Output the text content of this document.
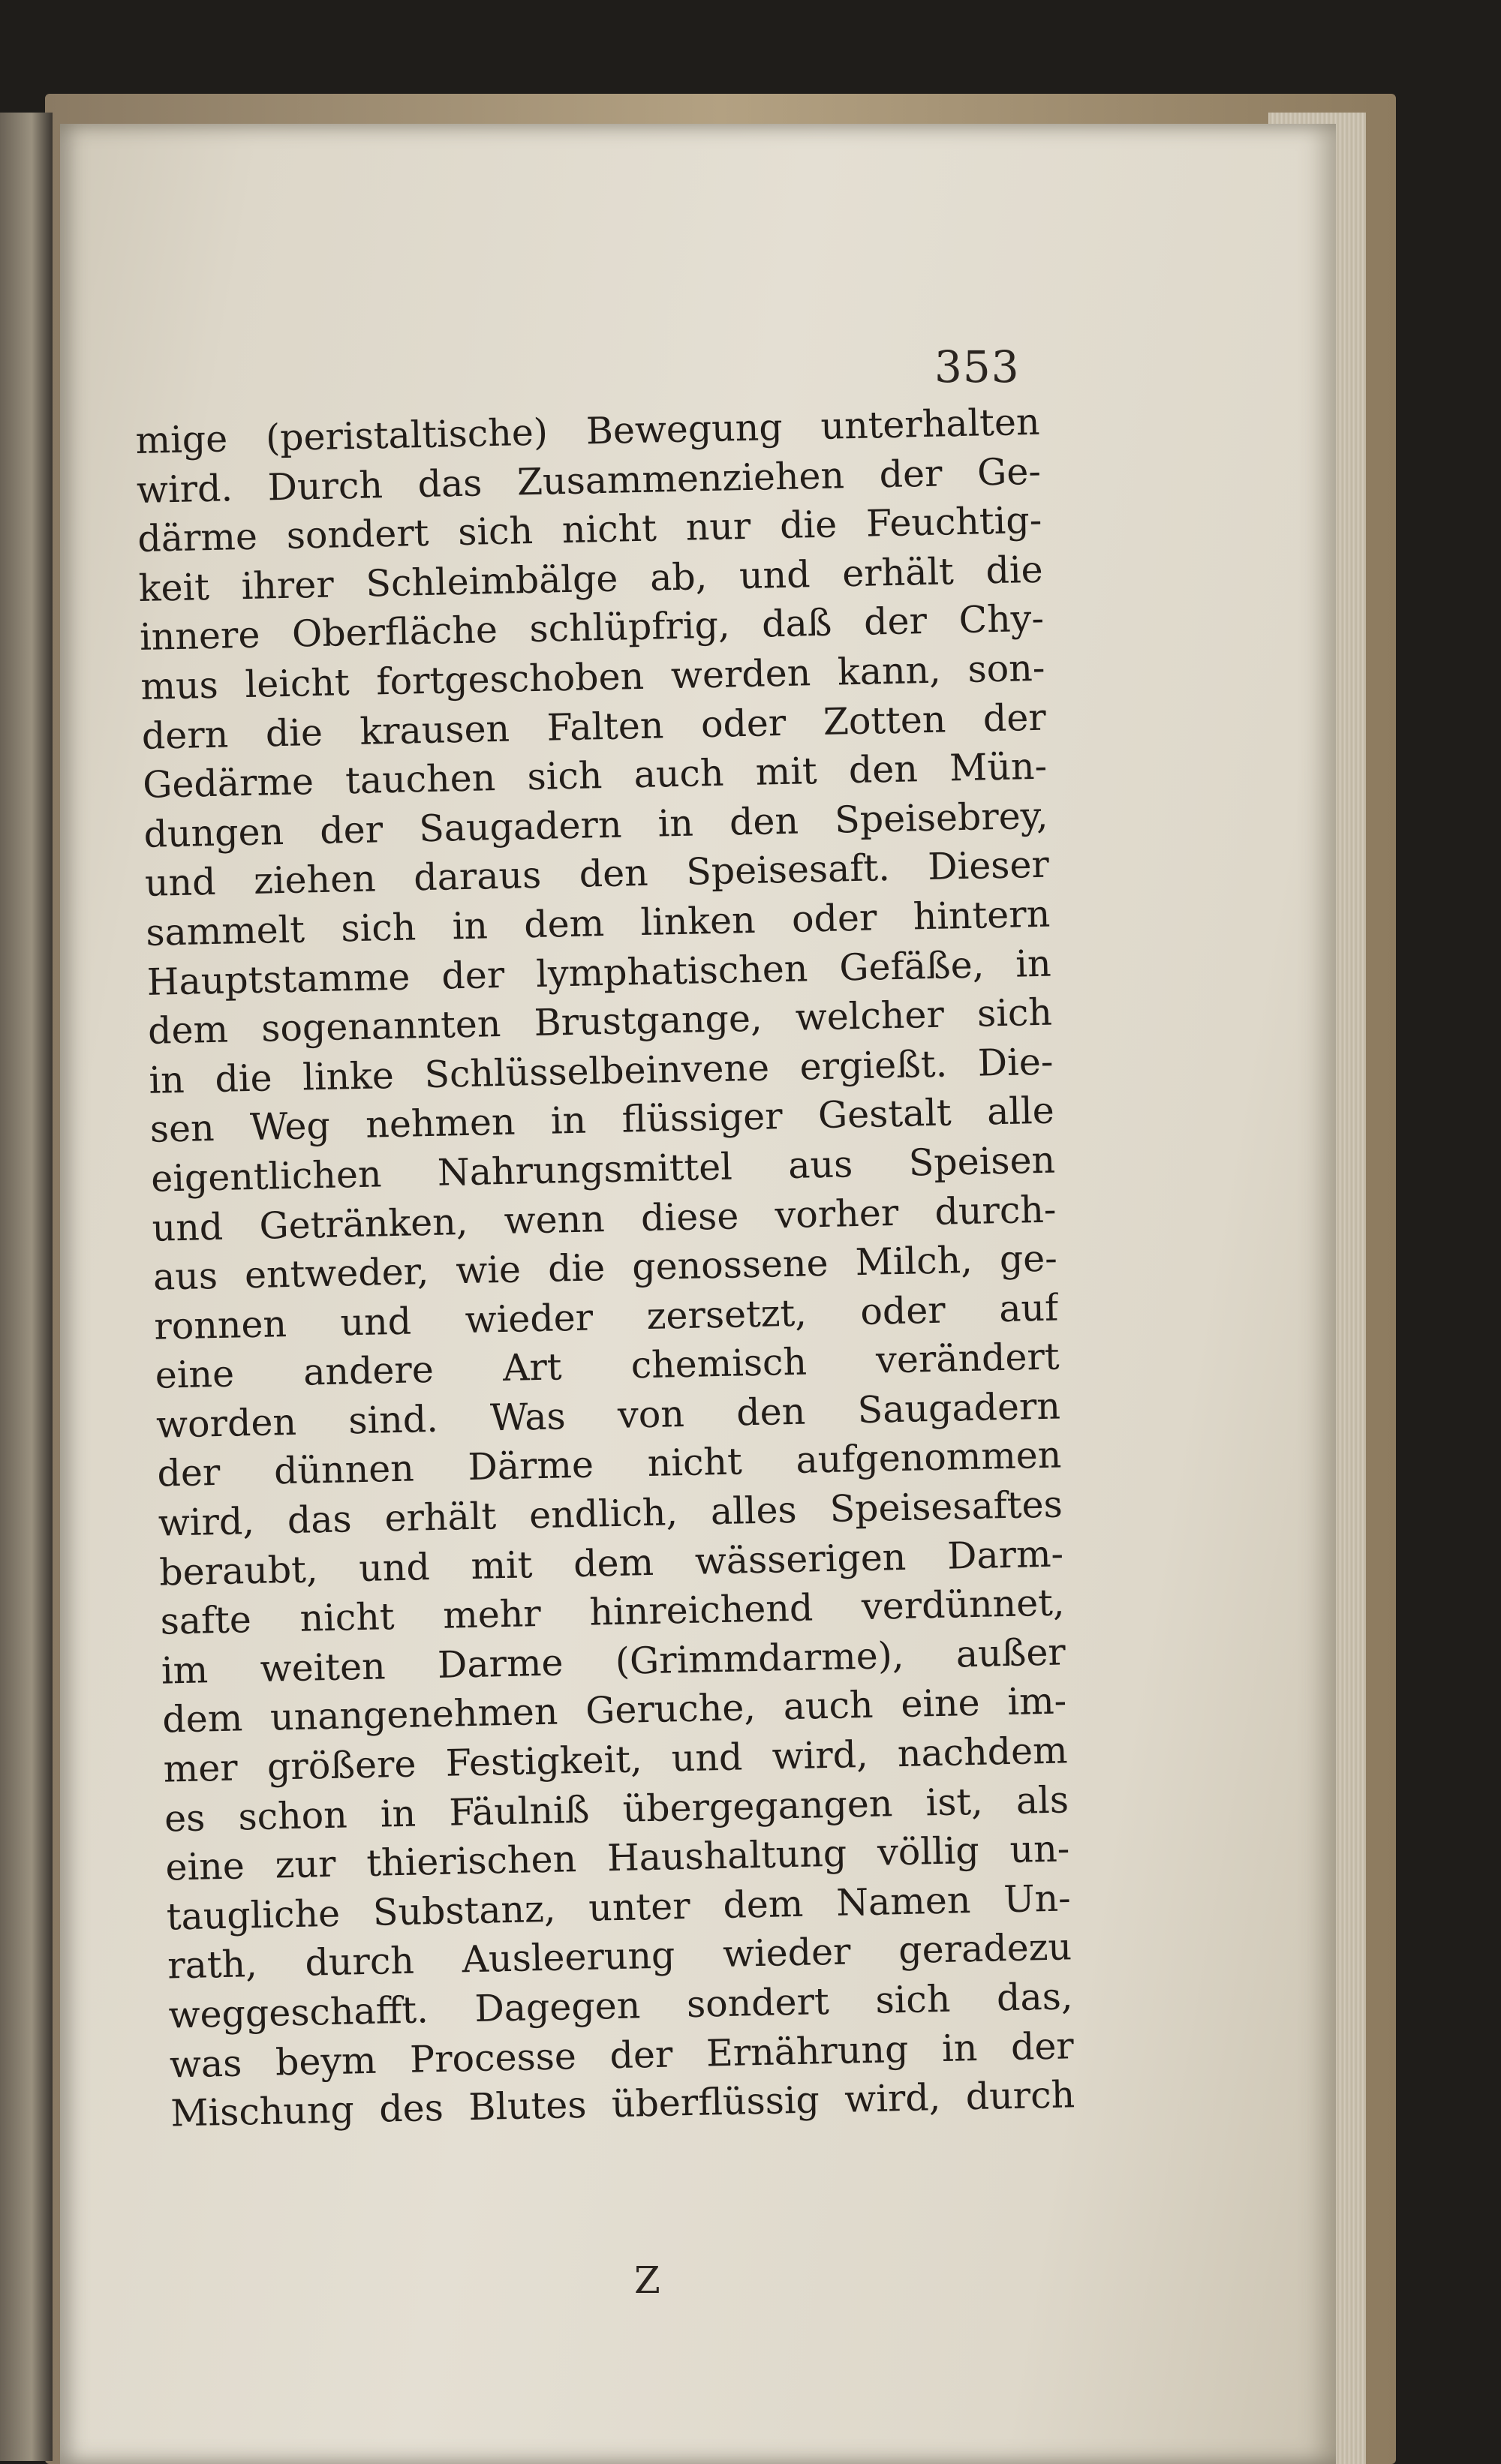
353
mige (peristaltische) Bewegung unterhalten
wird. Durch das Zusammenziehen der Ge-
därme sondert sich nicht nur die Feuchtig-
keit ihrer Schleimbälge ab, und erhält die
innere Oberfläche schlüpfrig, daß der Chy-
mus leicht fortgeschoben werden kann, son-
dern die krausen Falten oder Zotten der
Gedärme tauchen sich auch mit den Mün-
dungen der Saugadern in den Speisebrey,
und ziehen daraus den Speisesaft. Dieser
sammelt sich in dem linken oder hintern
Hauptstamme der lymphatischen Gefäße, in
dem sogenannten Brustgange, welcher sich
in die linke Schlüsselbeinvene ergießt. Die-
sen Weg nehmen in flüssiger Gestalt alle
eigentlichen Nahrungsmittel aus Speisen
und Getränken, wenn diese vorher durch-
aus entweder, wie die genossene Milch, ge-
ronnen und wieder zersetzt, oder auf
eine andere Art chemisch verändert
worden sind. Was von den Saugadern
der dünnen Därme nicht aufgenommen
wird, das erhält endlich, alles Speisesaftes
beraubt, und mit dem wässerigen Darm-
safte nicht mehr hinreichend verdünnet,
im weiten Darme (Grimmdarme), außer
dem unangenehmen Geruche, auch eine im-
mer größere Festigkeit, und wird, nachdem
es schon in Fäulniß übergegangen ist, als
eine zur thierischen Haushaltung völlig un-
taugliche Substanz, unter dem Namen Un-
rath, durch Ausleerung wieder geradezu
weggeschafft. Dagegen sondert sich das,
was beym Processe der Ernährung in der
Mischung des Blutes überflüssig wird, durch
Z
